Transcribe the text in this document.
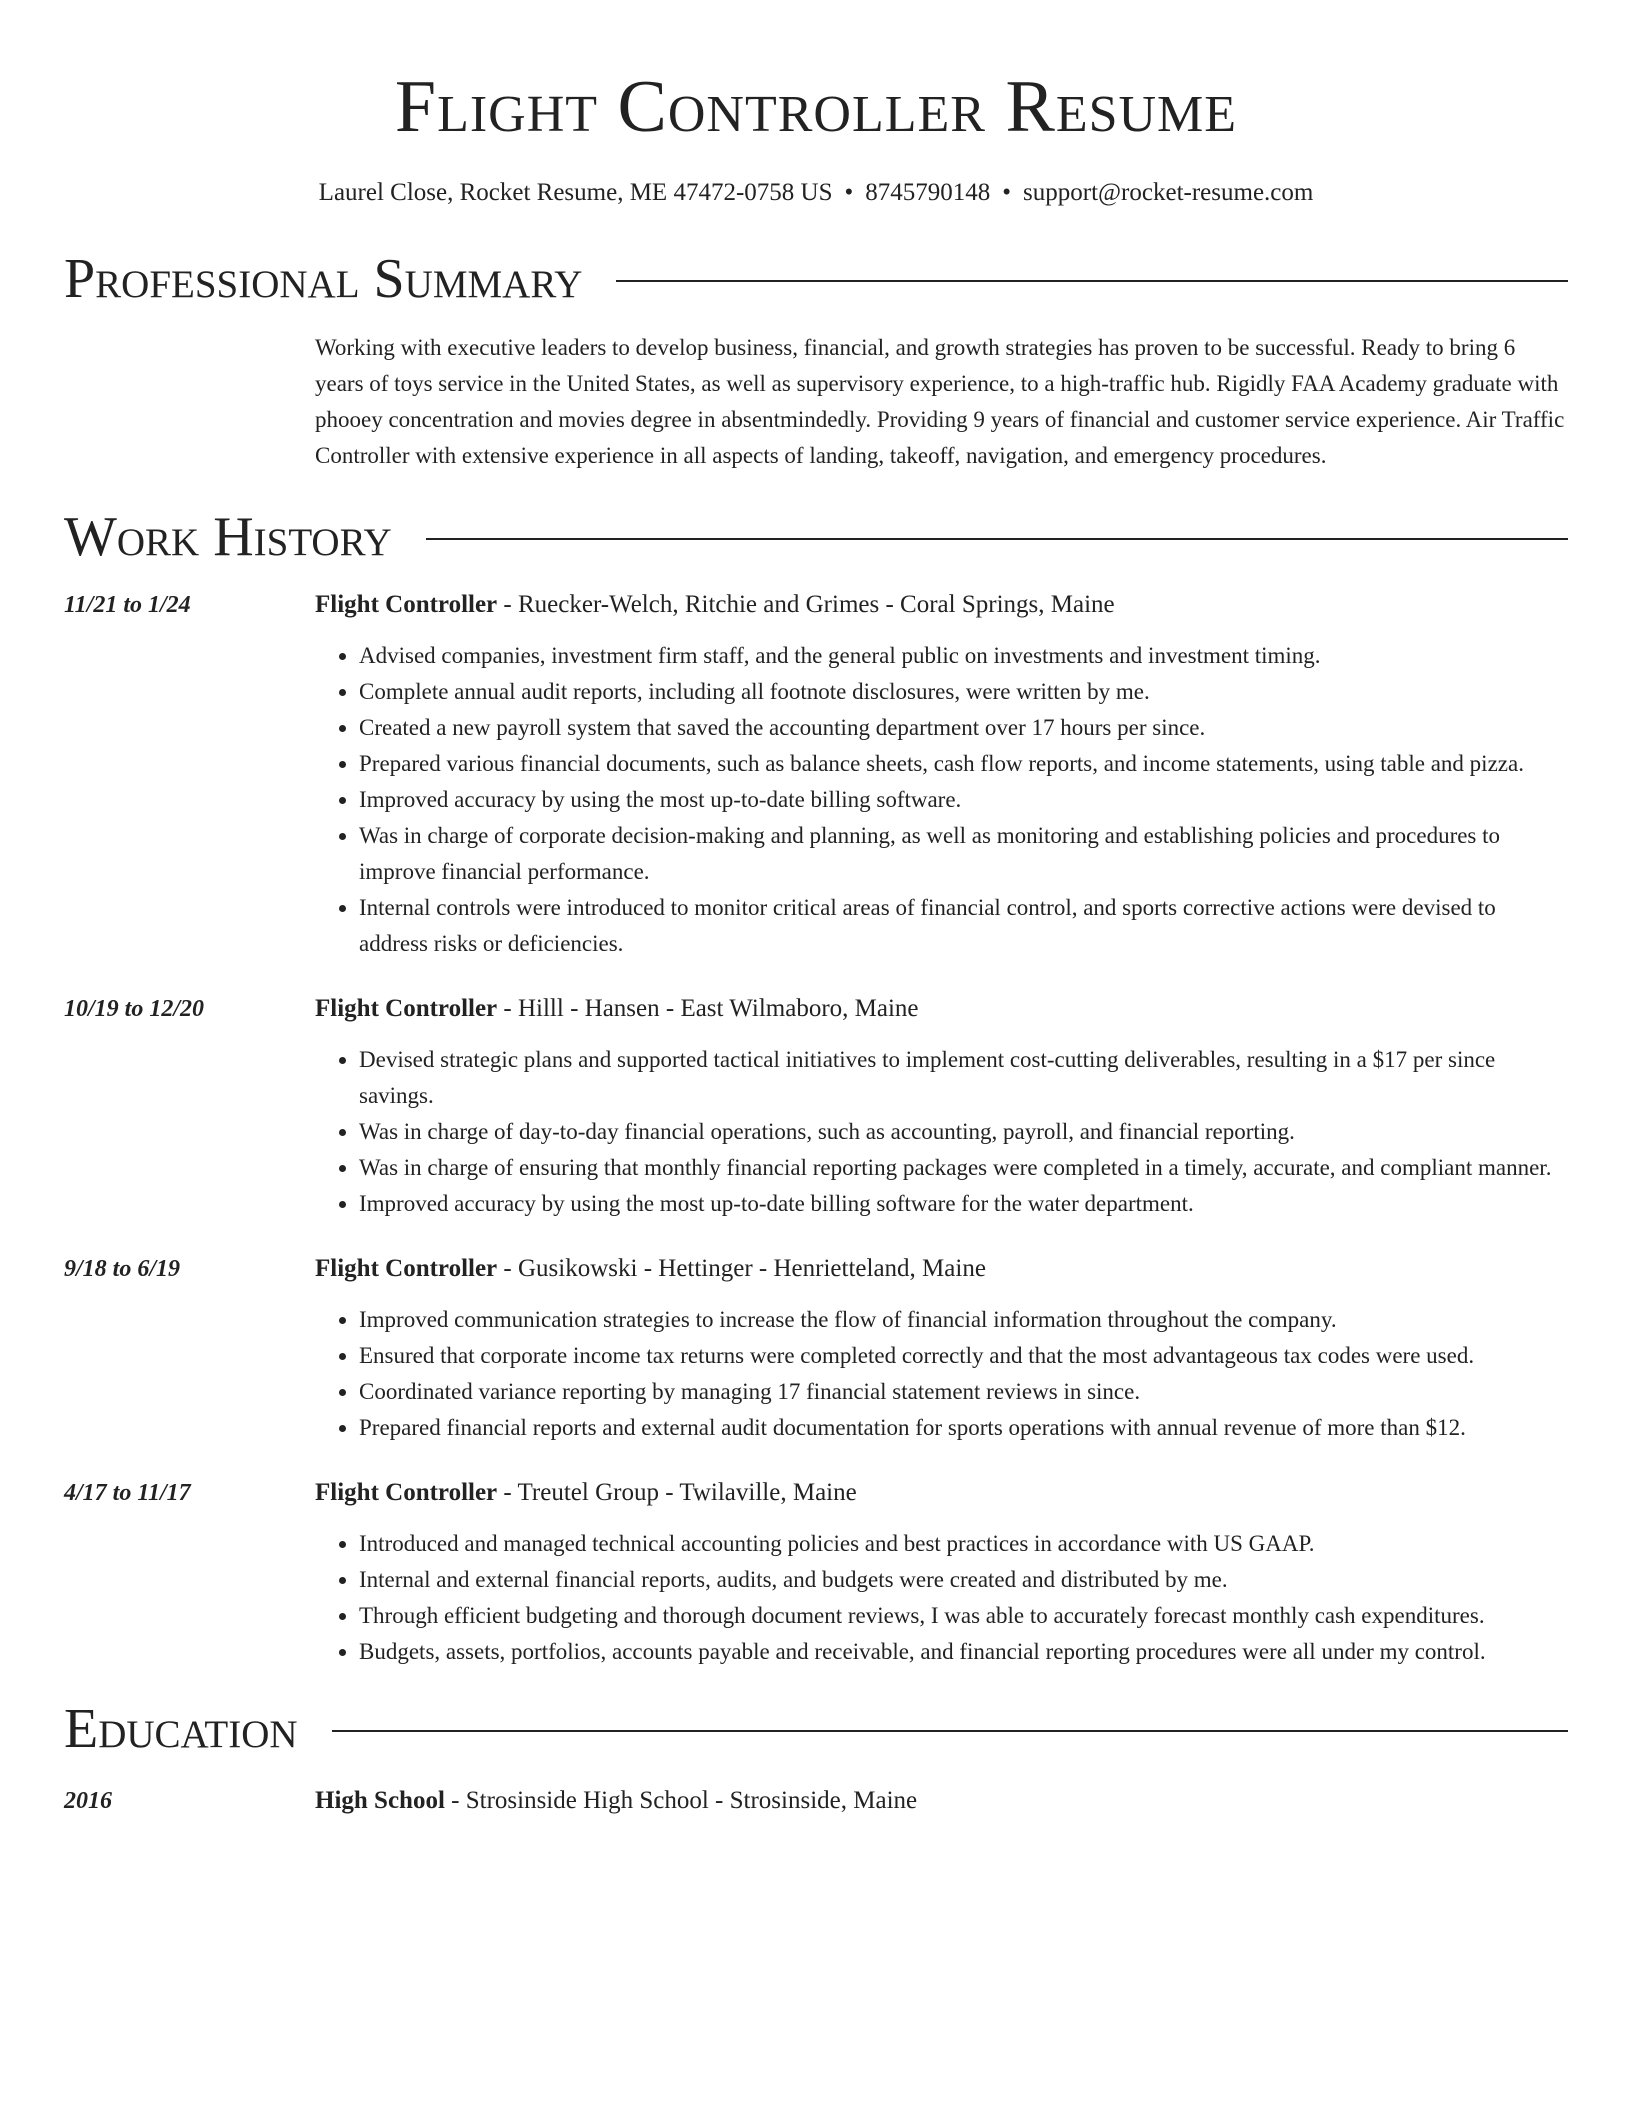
Flight Controller Resume
Laurel Close, Rocket Resume, ME 47472-0758 US • 8745790148 • support@rocket-resume.com
Professional Summary

Working with executive leaders to develop business, financial, and growth strategies has proven to be successful. Ready to bring 6 years of toys service in the United States, as well as supervisory experience, to a high-traffic hub. Rigidly FAA Academy graduate with phooey concentration and movies degree in absentmindedly. Providing 9 years of financial and customer service experience. Air Traffic Controller with extensive experience in all aspects of landing, takeoff, navigation, and emergency procedures.

Work History
11/21 to 1/24	Flight Controller - Ruecker-Welch, Ritchie and Grimes - Coral Springs, Maine
• Advised companies, investment firm staff, and the general public on investments and investment timing.
• Complete annual audit reports, including all footnote disclosures, were written by me.
• Created a new payroll system that saved the accounting department over 17 hours per since.
• Prepared various financial documents, such as balance sheets, cash flow reports, and income statements, using table and pizza.
• Improved accuracy by using the most up-to-date billing software.
• Was in charge of corporate decision-making and planning, as well as monitoring and establishing policies and procedures to improve financial performance.
• Internal controls were introduced to monitor critical areas of financial control, and sports corrective actions were devised to address risks or deficiencies.
10/19 to 12/20	Flight Controller - Hilll - Hansen - East Wilmaboro, Maine
• Devised strategic plans and supported tactical initiatives to implement cost-cutting deliverables, resulting in a $17 per since savings.
• Was in charge of day-to-day financial operations, such as accounting, payroll, and financial reporting.
• Was in charge of ensuring that monthly financial reporting packages were completed in a timely, accurate, and compliant manner.
• Improved accuracy by using the most up-to-date billing software for the water department.
9/18 to 6/19	Flight Controller - Gusikowski - Hettinger - Henrietteland, Maine
• Improved communication strategies to increase the flow of financial information throughout the company.
• Ensured that corporate income tax returns were completed correctly and that the most advantageous tax codes were used.
• Coordinated variance reporting by managing 17 financial statement reviews in since.
• Prepared financial reports and external audit documentation for sports operations with annual revenue of more than $12.
4/17 to 11/17	Flight Controller - Treutel Group - Twilaville, Maine
• Introduced and managed technical accounting policies and best practices in accordance with US GAAP.
• Internal and external financial reports, audits, and budgets were created and distributed by me.
• Through efficient budgeting and thorough document reviews, I was able to accurately forecast monthly cash expenditures.
• Budgets, assets, portfolios, accounts payable and receivable, and financial reporting procedures were all under my control.
Education
2016	High School - Strosinside High School - Strosinside, Maine
